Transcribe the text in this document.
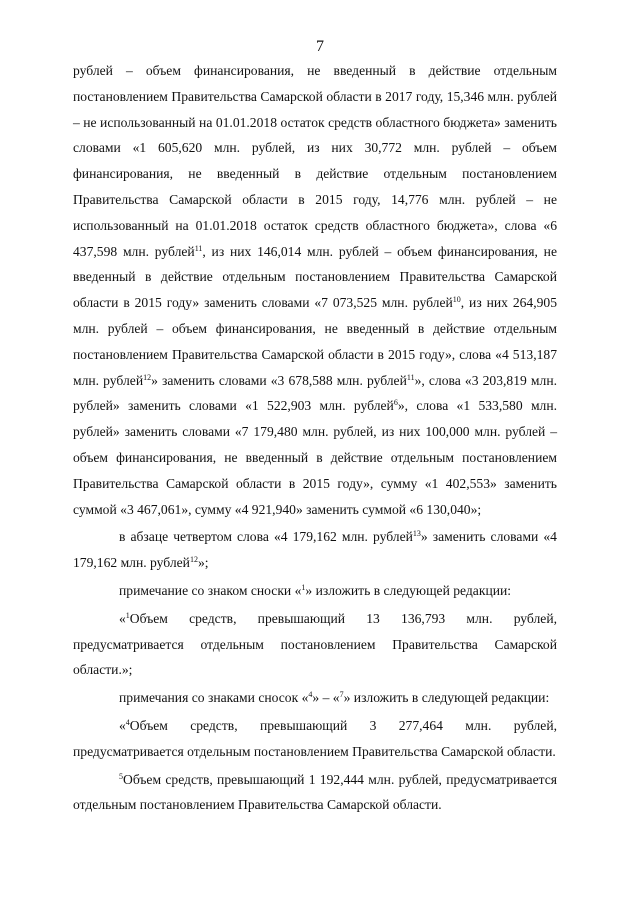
7

рублей – объем финансирования, не введенный в действие отдельным постановлением Правительства Самарской области в 2017 году, 15,346 млн. рублей – не использованный на 01.01.2018 остаток средств областного бюджета» заменить словами «1 605,620 млн. рублей, из них 30,772 млн. рублей – объем финансирования, не введенный в действие отдельным постановлением Правительства Самарской области в 2015 году, 14,776 млн. рублей – не использованный на 01.01.2018 остаток средств областного бюджета», слова «6 437,598 млн. рублей$^{11}$, из них 146,014 млн. рублей – объем финансирования, не введенный в действие отдельным постановлением Правительства Самарской области в 2015 году» заменить словами «7 073,525 млн. рублей$^{10}$, из них 264,905 млн. рублей – объем финансирования, не введенный в действие отдельным постановлением Правительства Самарской области в 2015 году», слова «4 513,187 млн. рублей$^{12}$» заменить словами «3 678,588 млн. рублей$^{11}$», слова «3 203,819 млн. рублей» заменить словами «1 522,903 млн. рублей$^6$», слова «1 533,580 млн. рублей» заменить словами «7 179,480 млн. рублей, из них 100,000 млн. рублей – объем финансирования, не введенный в действие отдельным постановлением Правительства Самарской области в 2015 году», сумму «1 402,553» заменить суммой «3 467,061», сумму «4 921,940» заменить суммой «6 130,040»;

в абзаце четвертом слова «4 179,162 млн. рублей$^{13}$» заменить словами «4 179,162 млн. рублей$^{12}$»;

примечание со знаком сноски «$^1$» изложить в следующей редакции:

«$^1$Объем средств, превышающий 13 136,793 млн. рублей, предусматривается отдельным постановлением Правительства Самарской области.»;

примечания со знаками сносок «$^4$» – «$^7$» изложить в следующей редакции:

«$^4$Объем средств, превышающий 3 277,464 млн. рублей, предусматривается отдельным постановлением Правительства Самарской области.

$^5$Объем средств, превышающий 1 192,444 млн. рублей, предусматривается отдельным постановлением Правительства Самарской области.
